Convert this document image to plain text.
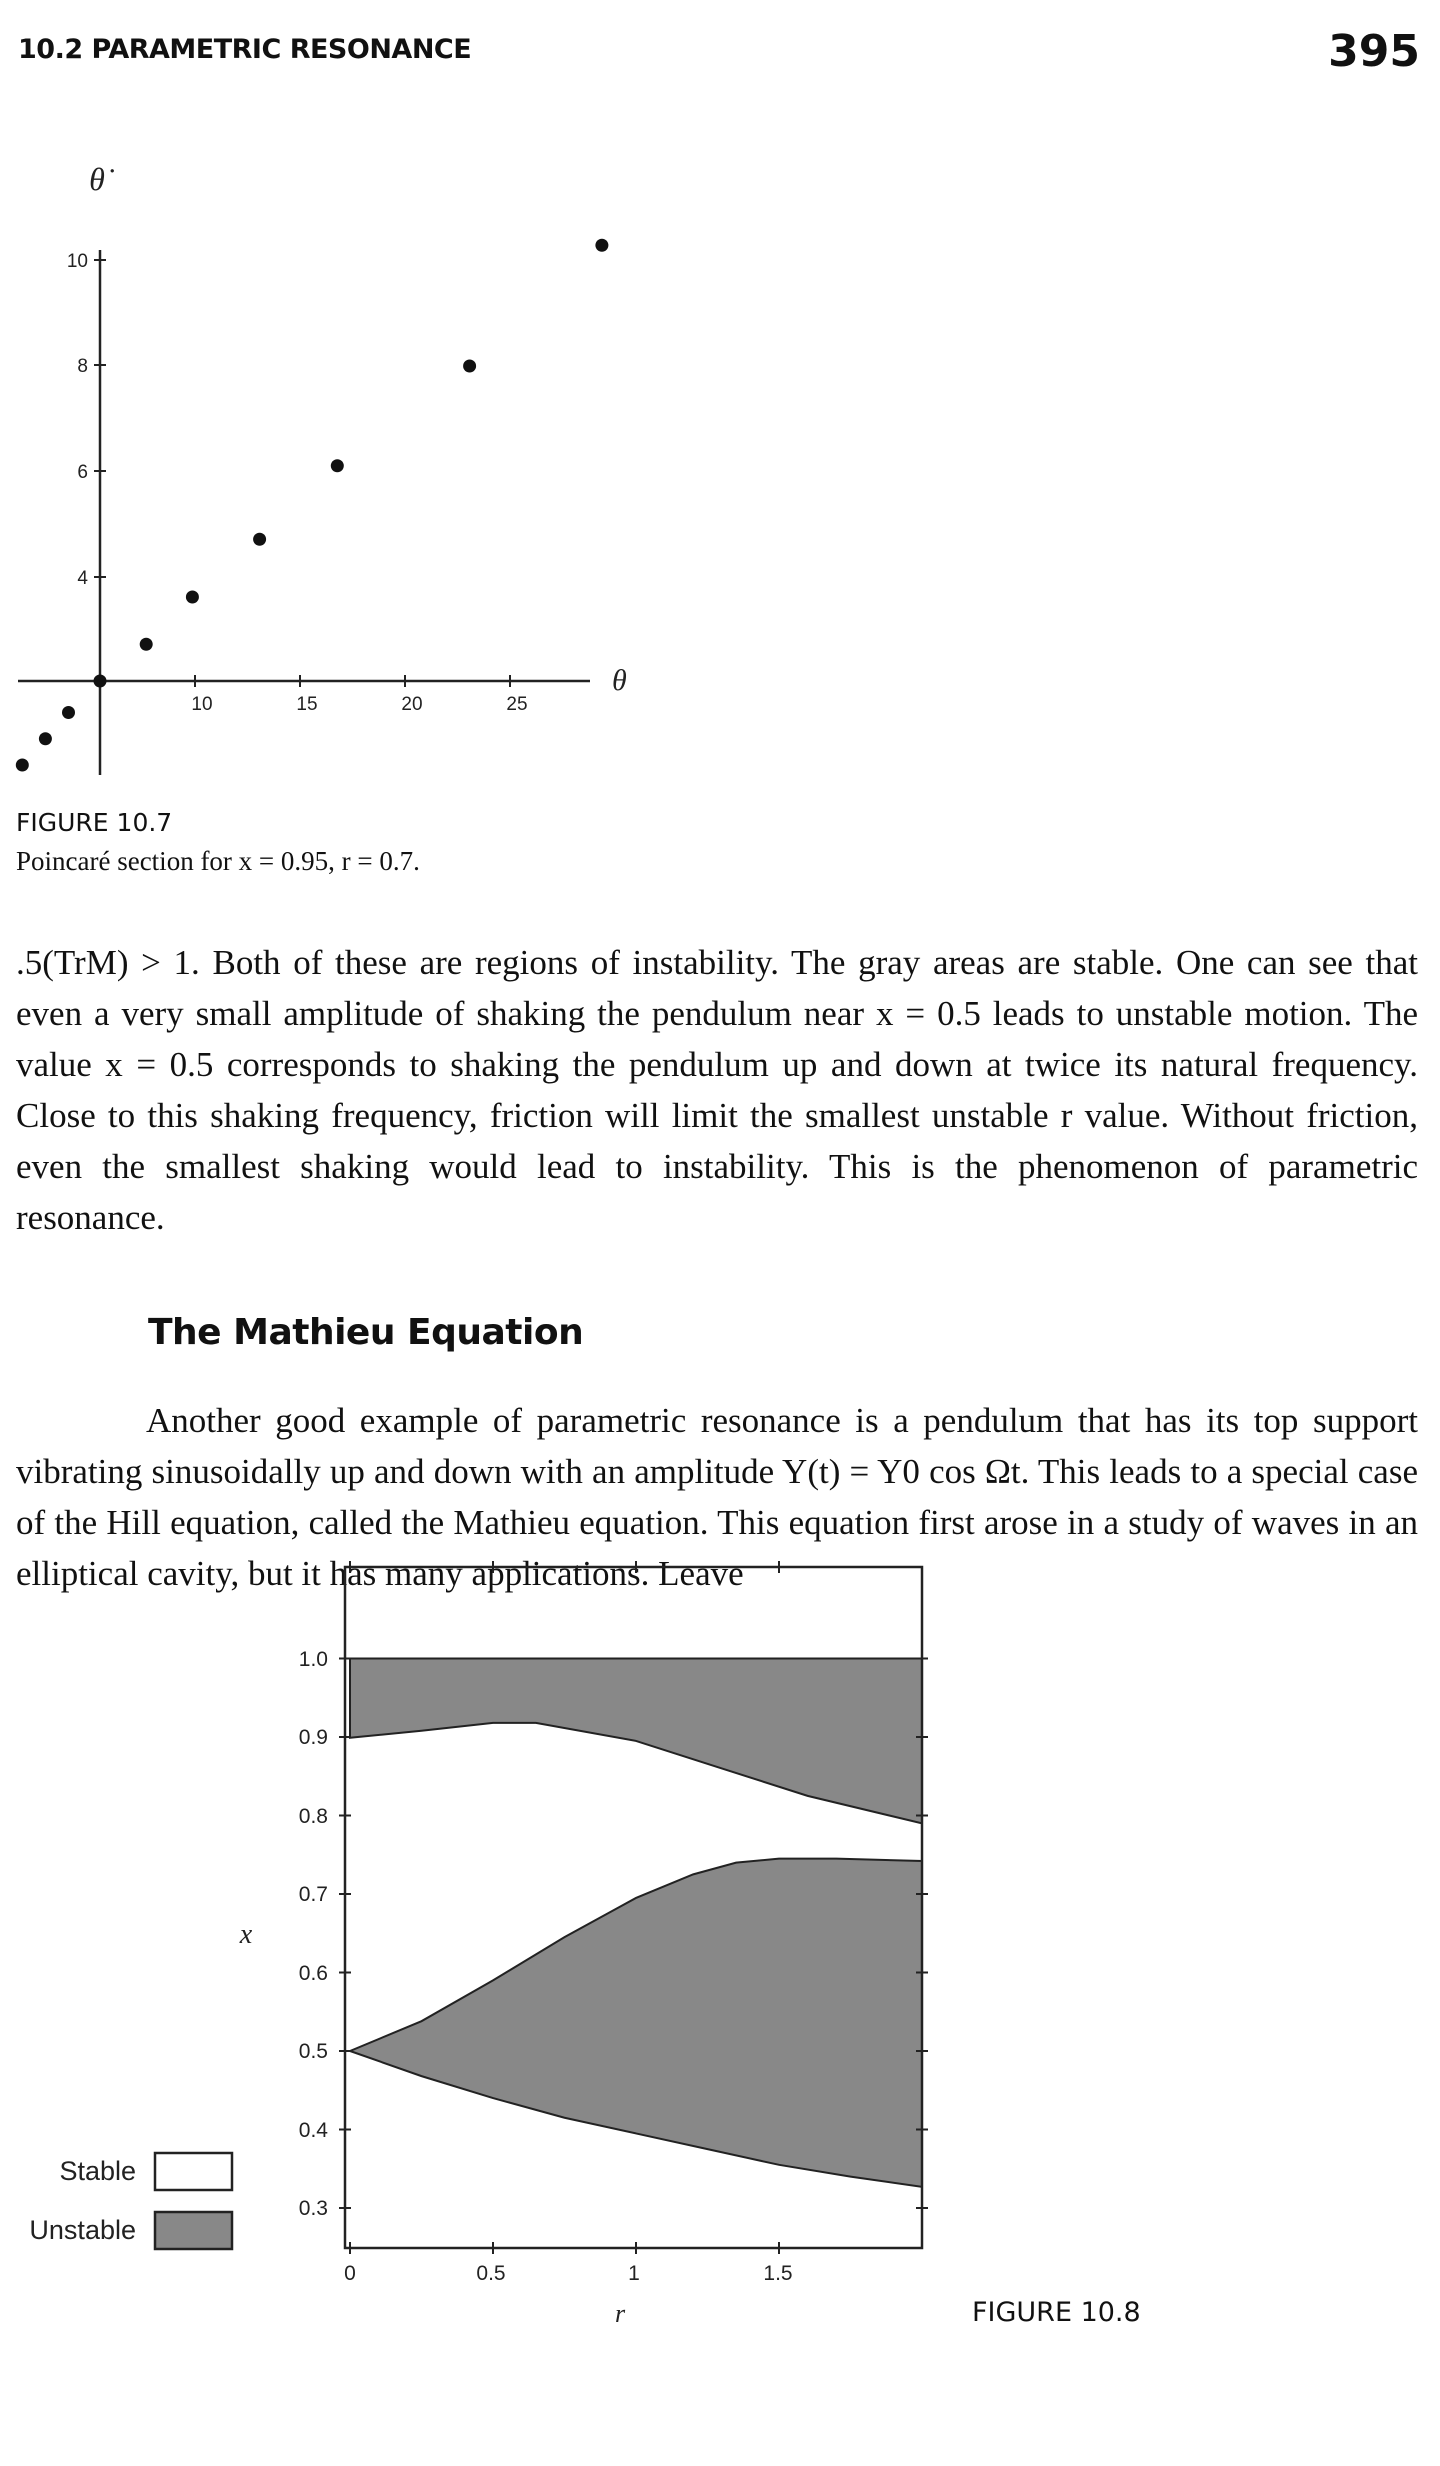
10.2 PARAMETRIC RESONANCE	395
10	15	20	25
4
6
8
10
θ
θ̇
FIGURE 10.7
Poincaré section for x = 0.95, r = 0.7.

.5(TrM) > 1. Both of these are regions of instability. The gray areas are stable. One can see that even a very small amplitude of shaking the pendulum near x = 0.5 leads to unstable motion. The value x = 0.5 corresponds to shaking the pendulum up and down at twice its natural frequency. Close to this shaking frequency, friction will limit the smallest unstable r value. Without friction, even the smallest shaking would lead to instability. This is the phenomenon of parametric resonance.

The Mathieu Equation

Another good example of parametric resonance is a pendulum that has its top support vibrating sinusoidally up and down with an amplitude Y(t) = Y0 cos Ωt. This leads to a special case of the Hill equation, called the Mathieu equation. This equation first arose in a study of waves in an elliptical cavity, but it has many applications. Leave

0.3
0.4
0.5
0.6
0.7
0.8
0.9
1.0
0	0.5	1	1.5
r
x
Stable
Unstable
FIGURE 10.8
